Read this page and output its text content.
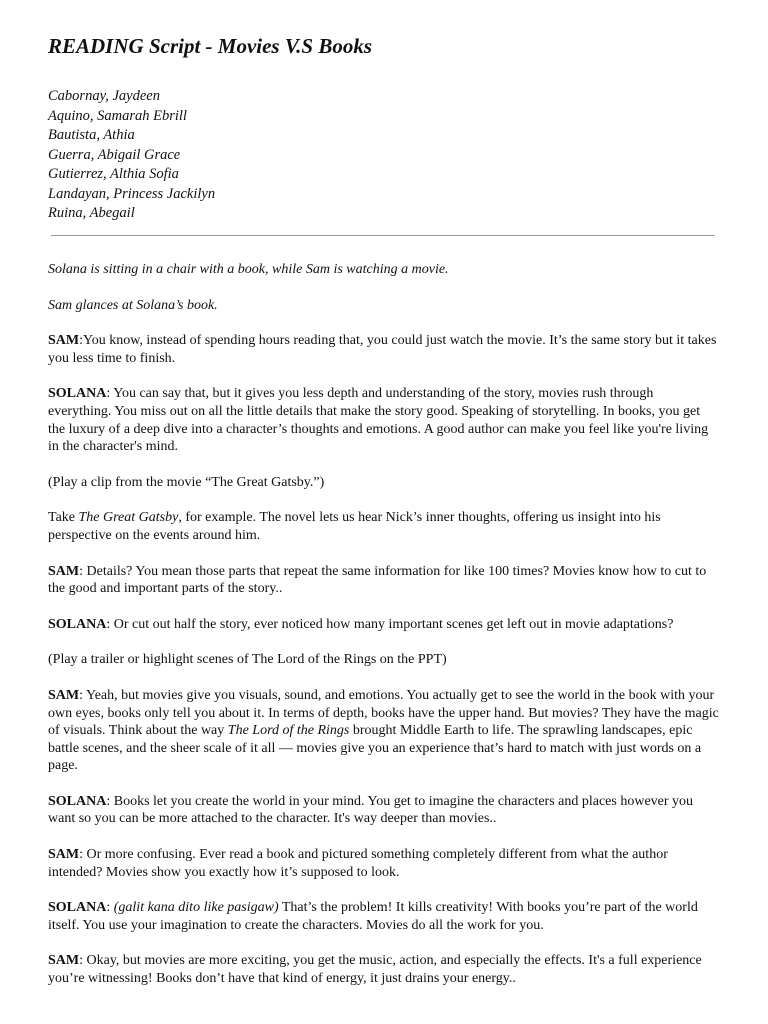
READING Script - Movies V.S Books
Cabornay, Jaydeen
Aquino, Samarah Ebrill
Bautista, Athia
Guerra, Abigail Grace
Gutierrez, Althia Sofia
Landayan, Princess Jackilyn
Ruina, Abegail

Solana is sitting in a chair with a book, while Sam is watching a movie.

Sam glances at Solana’s book.

SAM:You know, instead of spending hours reading that, you could just watch the movie. It’s the same story but it takes you less time to finish.

SOLANA: You can say that, but it gives you less depth and understanding of the story, movies rush through everything. You miss out on all the little details that make the story good. Speaking of storytelling. In books, you get the luxury of a deep dive into a character’s thoughts and emotions. A good author can make you feel like you're living in the character's mind.

(Play a clip from the movie “The Great Gatsby.”)

Take The Great Gatsby, for example. The novel lets us hear Nick’s inner thoughts, offering us insight into his perspective on the events around him.

SAM: Details? You mean those parts that repeat the same information for like 100 times? Movies know how to cut to the good and important parts of the story..

SOLANA: Or cut out half the story, ever noticed how many important scenes get left out in movie adaptations?

(Play a trailer or highlight scenes of The Lord of the Rings on the PPT)

SAM: Yeah, but movies give you visuals, sound, and emotions. You actually get to see the world in the book with your own eyes, books only tell you about it. In terms of depth, books have the upper hand. But movies? They have the magic of visuals. Think about the way The Lord of the Rings brought Middle Earth to life. The sprawling landscapes, epic battle scenes, and the sheer scale of it all — movies give you an experience that’s hard to match with just words on a page.

SOLANA: Books let you create the world in your mind. You get to imagine the characters and places however you want so you can be more attached to the character. It's way deeper than movies..

SAM: Or more confusing. Ever read a book and pictured something completely different from what the author intended? Movies show you exactly how it’s supposed to look.

SOLANA: (galit kana dito like pasigaw) That’s the problem! It kills creativity! With books you’re part of the world itself. You use your imagination to create the characters. Movies do all the work for you.

SAM: Okay, but movies are more exciting, you get the music, action, and especially the effects. It's a full experience you’re witnessing! Books don’t have that kind of energy, it just drains your energy..
